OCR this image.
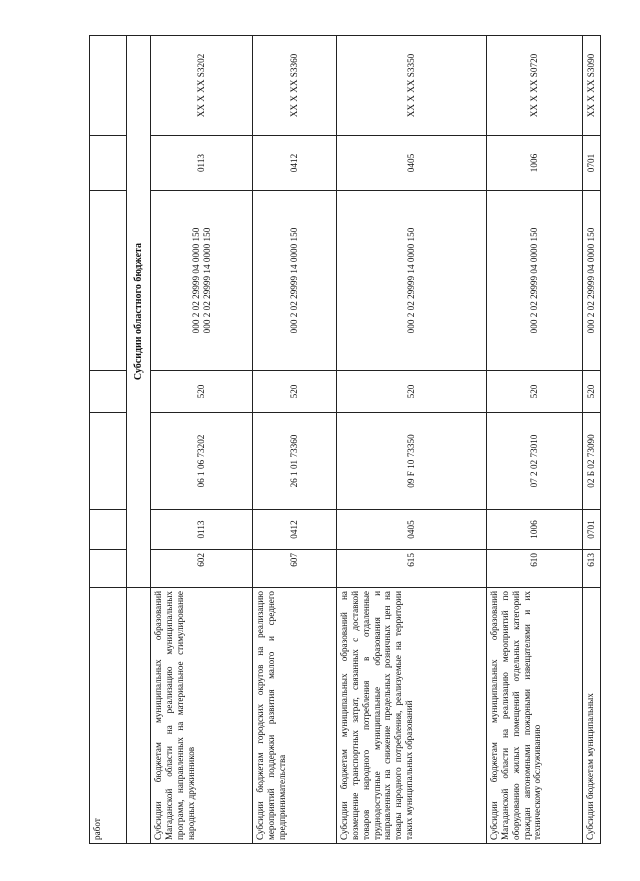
работ							
	Субсидии областного бюджета						
Субсидии бюджетам муниципальных образований Магаданской области на реализацию муниципальных программ, направленных на материальное стимулирование народных дружинников	602	0113	06 1 06 73202	520	000 2 02 29999 04 0000 150 000 2 02 29999 14 0000 150	0113	XX X XX S3202
Субсидии бюджетам городских округов на реализацию мероприятий поддержки развития малого и среднего предпринимательства	607	0412	26 1 01 73360	520	000 2 02 29999 14 0000 150	0412	XX X XX S3360
Субсидии бюджетам муниципальных образований на возмещение транспортных затрат, связанных с доставкой товаров народного потребления в отдаленные труднодоступные муниципальные образования и направленных на снижение предельных розничных цен на товары народного потребления, реализуемые на территории таких муниципальных образований	615	0405	09 F 10 73350	520	000 2 02 29999 14 0000 150	0405	XX X XX S3350
Субсидии бюджетам муниципальных образований Магаданской области на реализацию мероприятий по оборудованию жилых помещений отдельных категорий граждан автономными пожарными извещателями и их техническому обслуживанию	610	1006	07 2 02 73010	520	000 2 02 29999 04 0000 150	1006	XX X XX S0720
Субсидии бюджетам муниципальных	613	0701	02 Б 02 73090	520	000 2 02 29999 04 0000 150	0701	XX X XX S3090
